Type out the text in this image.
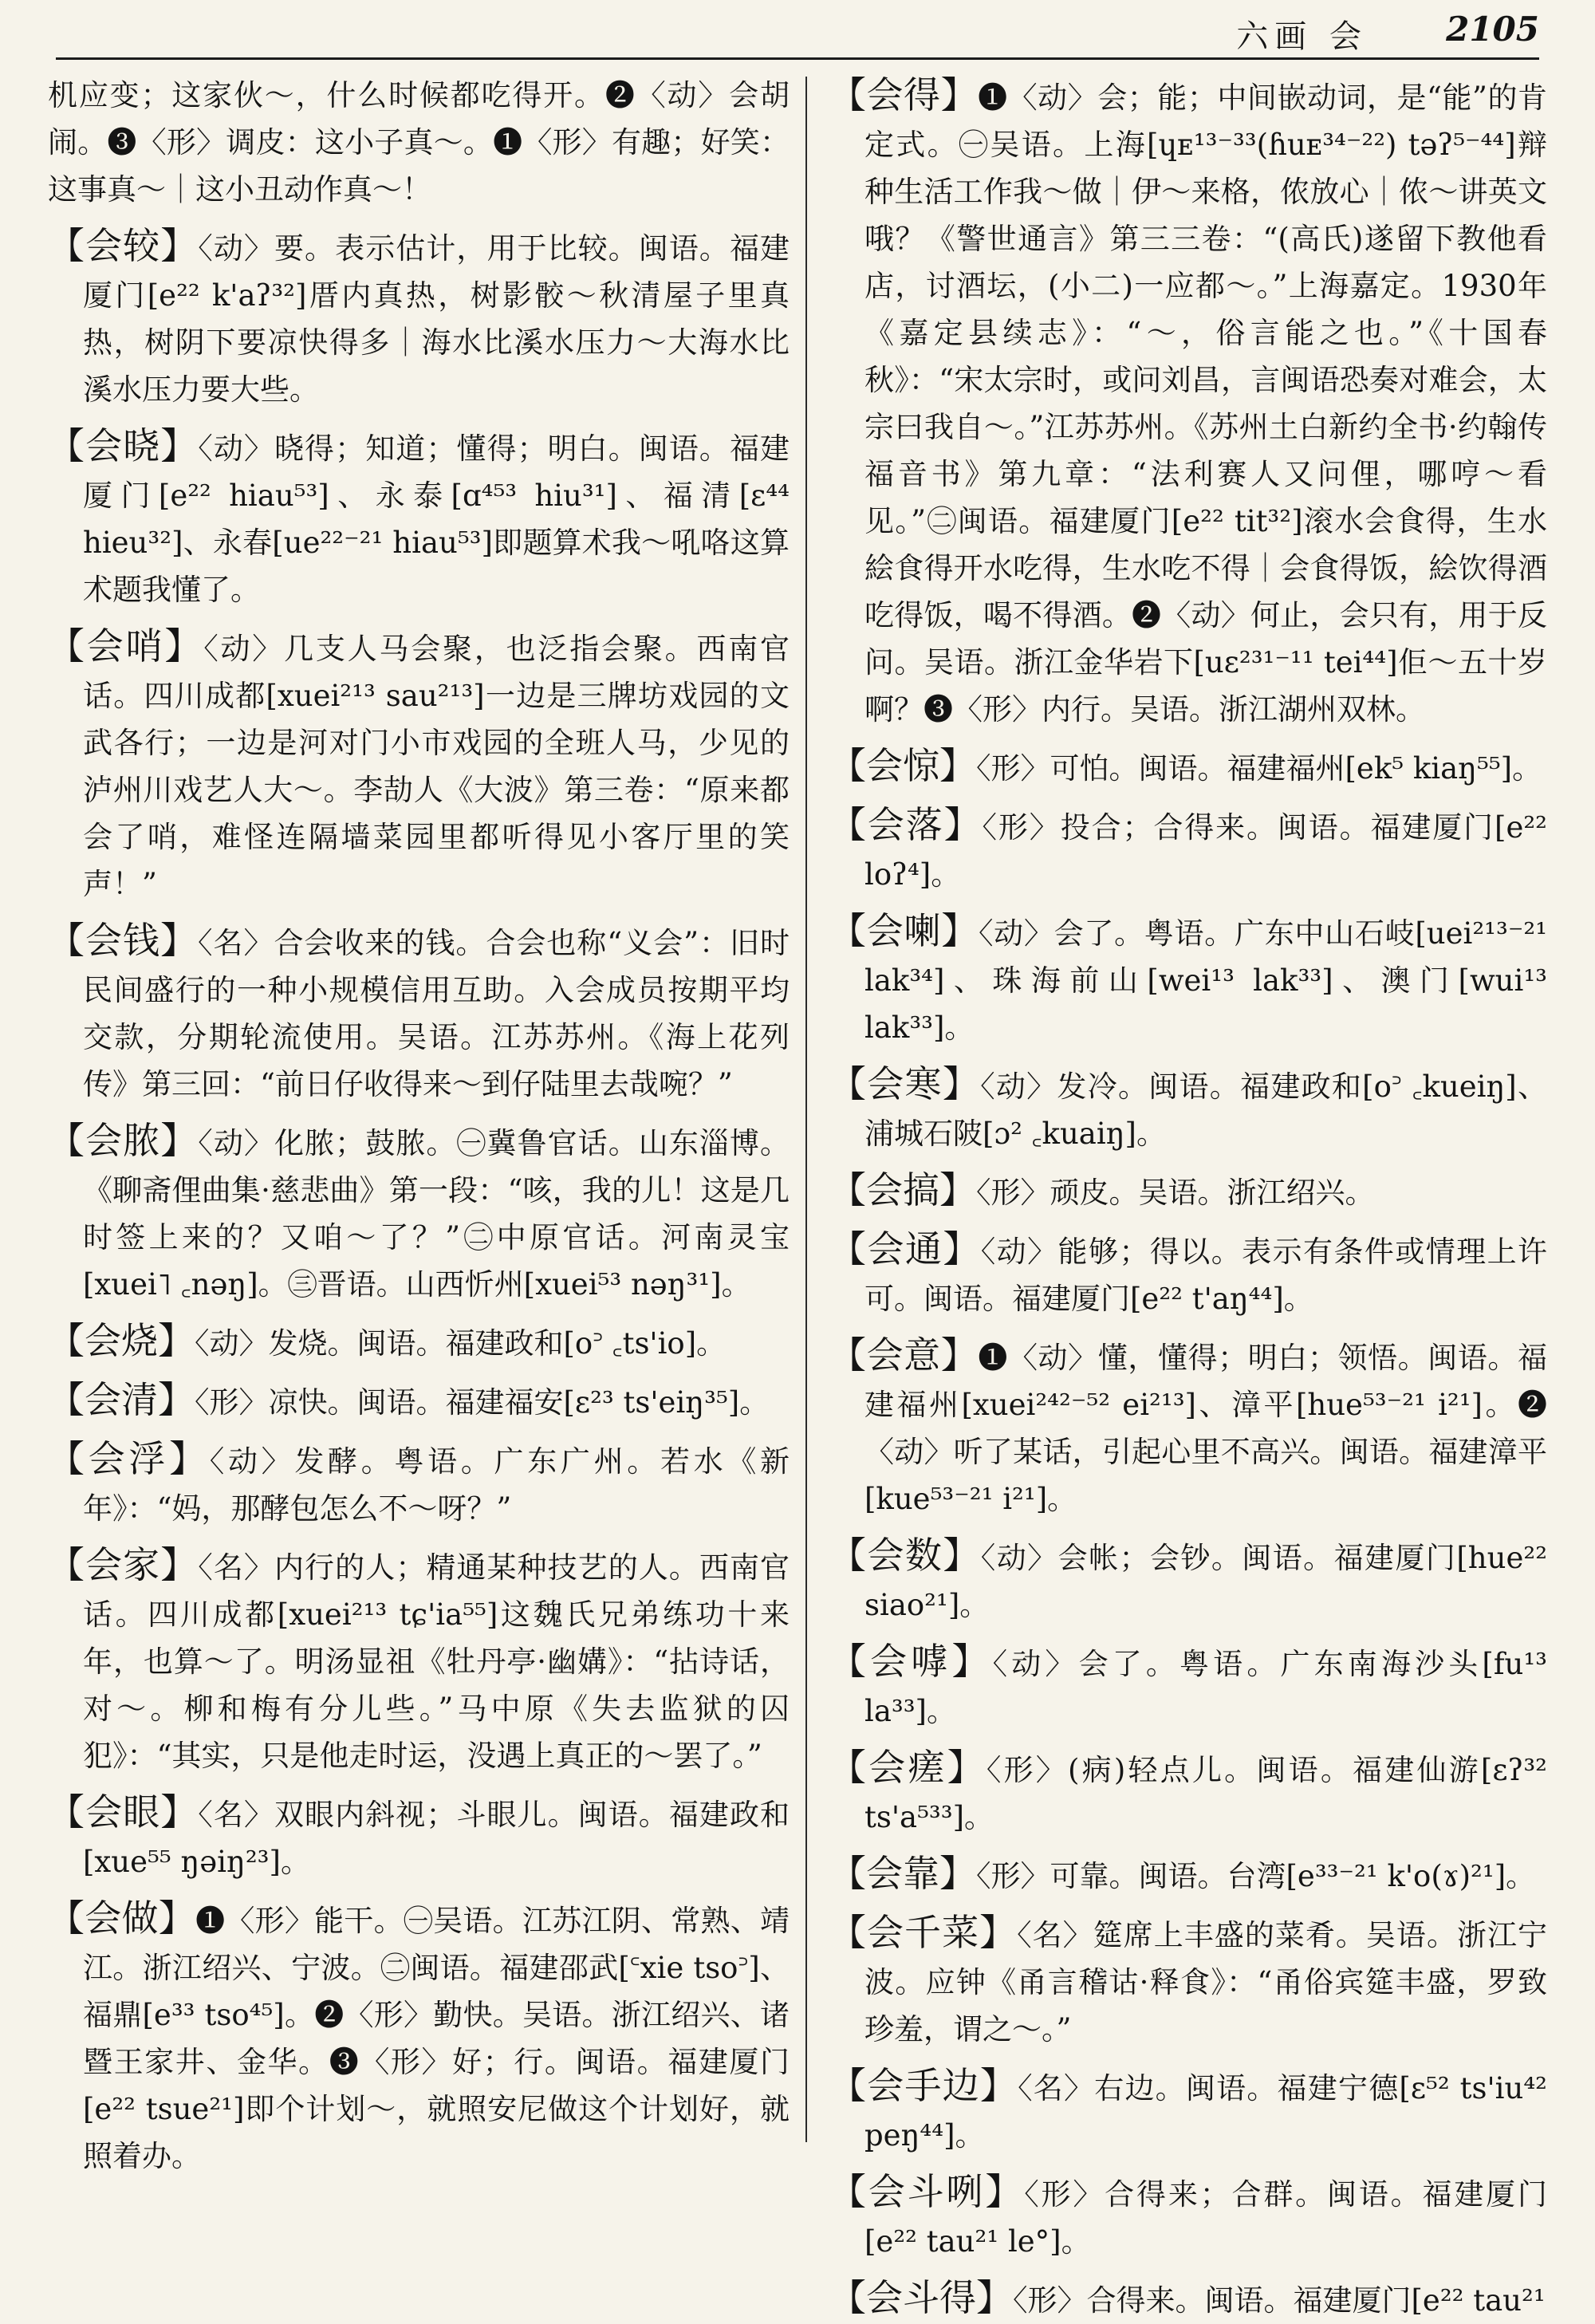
六画 会 2105

机应变；这家伙～，什么时候都吃得开。❷〈动〉会胡闹。❸〈形〉调皮：这小子真～。❶〈形〉有趣；好笑：这事真～｜这小丑动作真～！

【 会较 】 〈动〉要。表示估计，用于比较。闽语。福建厦门[e²² k'aʔ³²]厝内真热，树影骹～秋清屋子里真热，树阴下要凉快得多｜海水比溪水压力～大海水比溪水压力要大些。

【 会晓 】 〈动〉晓得；知道；懂得；明白。闽语。福建厦门[e²² hiau⁵³]、永泰[ɑ⁴⁵³ hiu³¹]、福清[ɛ⁴⁴ hieu³²]、永春[ue²²⁻²¹ hiau⁵³]即题算术我～吼咯这算术题我懂了。

【 会哨 】 〈动〉几支人马会聚，也泛指会聚。西南官话。四川成都[xuei²¹³ sau²¹³]一边是三牌坊戏园的文武各行；一边是河对门小市戏园的全班人马，少见的泸州川戏艺人大～。李劼人《大波》第三卷：“原来都会了哨，难怪连隔墙菜园里都听得见小客厅里的笑声！”

【 会钱 】 〈名〉合会收来的钱。合会也称“义会”：旧时民间盛行的一种小规模信用互助。入会成员按期平均交款，分期轮流使用。吴语。江苏苏州。《海上花列传》第三回：“前日仔收得来～到仔陆里去哉啘？”

【 会脓 】 〈动〉化脓；鼓脓。㊀冀鲁官话。山东淄博。《聊斋俚曲集·慈悲曲》第一段：“咳，我的儿！这是几时签上来的？又咱～了？”㊁中原官话。河南灵宝[xuei˥ ꜀nəŋ]。㊂晋语。山西忻州[xuei⁵³ nəŋ³¹]。

【 会烧 】 〈动〉发烧。闽语。福建政和[o꜄ ꜀ts'io]。

【 会清 】 〈形〉凉快。闽语。福建福安[ɛ²³ ts'eiŋ³⁵]。

【 会浮 】 〈动〉发酵。粤语。广东广州。若水《新年》：“妈，那酵包怎么不～呀？”

【 会家 】 〈名〉内行的人；精通某种技艺的人。西南官话。四川成都[xuei²¹³ tɕ'ia⁵⁵]这魏氏兄弟练功十来年，也算～了。明汤显祖《牡丹亭·幽媾》：“拈诗话，对～。柳和梅有分儿些。”马中原《失去监狱的囚犯》：“其实，只是他走时运，没遇上真正的～罢了。”

【 会眼 】 〈名〉双眼内斜视；斗眼儿。闽语。福建政和[xue⁵⁵ ŋəiŋ²³]。

【 会做 】 ❶〈形〉能干。㊀吴语。江苏江阴、常熟、靖江。浙江绍兴、宁波。㊁闽语。福建邵武[꜂xie tso꜄]、福鼎[e³³ tso⁴⁵]。❷〈形〉勤快。吴语。浙江绍兴、诸暨王家井、金华。❸〈形〉好；行。闽语。福建厦门[e²² tsue²¹]即个计划～，就照安尼做这个计划好，就照着办。

【 会得 】 ❶〈动〉会；能；中间嵌动词，是“能”的肯定式。㊀吴语。上海[ɥᴇ¹³⁻³³(ɦuᴇ³⁴⁻²²) təʔ⁵⁻⁴⁴]辩种生活工作我～做｜伊～来格，侬放心｜侬～讲英文哦？《警世通言》第三三卷：“(高氏)遂留下教他看店，讨酒坛，(小二)一应都～。”上海嘉定。1930年《嘉定县续志》：“～，俗言能之也。”《十国春秋》：“宋太宗时，或问刘昌，言闽语恐奏对难会，太宗曰我自～。”江苏苏州。《苏州土白新约全书·约翰传福音书》第九章：“法利赛人又问俚，哪哼～看见。”㊁闽语。福建厦门[e²² tit³²]滚水会食得，生水絵食得开水吃得，生水吃不得｜会食得饭，絵饮得酒吃得饭，喝不得酒。❷〈动〉何止，会只有，用于反问。吴语。浙江金华岩下[uɛ²³¹⁻¹¹ tei⁴⁴]佢～五十岁啊？❸〈形〉内行。吴语。浙江湖州双林。

【 会惊 】 〈形〉可怕。闽语。福建福州[ek⁵ kiaŋ⁵⁵]。

【 会落 】 〈形〉投合；合得来。闽语。福建厦门[e²² loʔ⁴]。

【 会喇 】 〈动〉会了。粤语。广东中山石岐[uei²¹³⁻²¹ lak³⁴]、珠海前山[wei¹³ lak³³]、澳门[wui¹³ lak³³]。

【 会寒 】 〈动〉发冷。闽语。福建政和[o꜄ ꜀kueiŋ]、浦城石陂[ɔ² ꜀kuaiŋ]。

【 会搞 】 〈形〉顽皮。吴语。浙江绍兴。

【 会通 】 〈动〉能够；得以。表示有条件或情理上许可。闽语。福建厦门[e²² t'aŋ⁴⁴]。

【 会意 】 ❶〈动〉懂，懂得；明白；领悟。闽语。福建福州[xuei²⁴²⁻⁵² ei²¹³]、漳平[hue⁵³⁻²¹ i²¹]。❷〈动〉听了某话，引起心里不高兴。闽语。福建漳平[kue⁵³⁻²¹ i²¹]。

【 会数 】 〈动〉会帐；会钞。闽语。福建厦门[hue²² siao²¹]。

【 会嘑 】 〈动〉会了。粤语。广东南海沙头[fu¹³ la³³]。

【 会瘥 】 〈形〉(病)轻点儿。闽语。福建仙游[ɛʔ³² ts'a⁵³³]。

【 会靠 】 〈形〉可靠。闽语。台湾[e³³⁻²¹ k'o(ɤ)²¹]。

【 会千菜 】 〈名〉筵席上丰盛的菜肴。吴语。浙江宁波。应钟《甬言稽诂·释食》：“甬俗宾筵丰盛，罗致珍羞，谓之～。”

【 会手边 】 〈名〉右边。闽语。福建宁德[ɛ⁵² ts'iu⁴² peŋ⁴⁴]。

【 会斗咧 】 〈形〉合得来；合群。闽语。福建厦门[e²² tau²¹ le°]。

【 会斗得 】 〈形〉合得来。闽语。福建厦门[e²² tau²¹
